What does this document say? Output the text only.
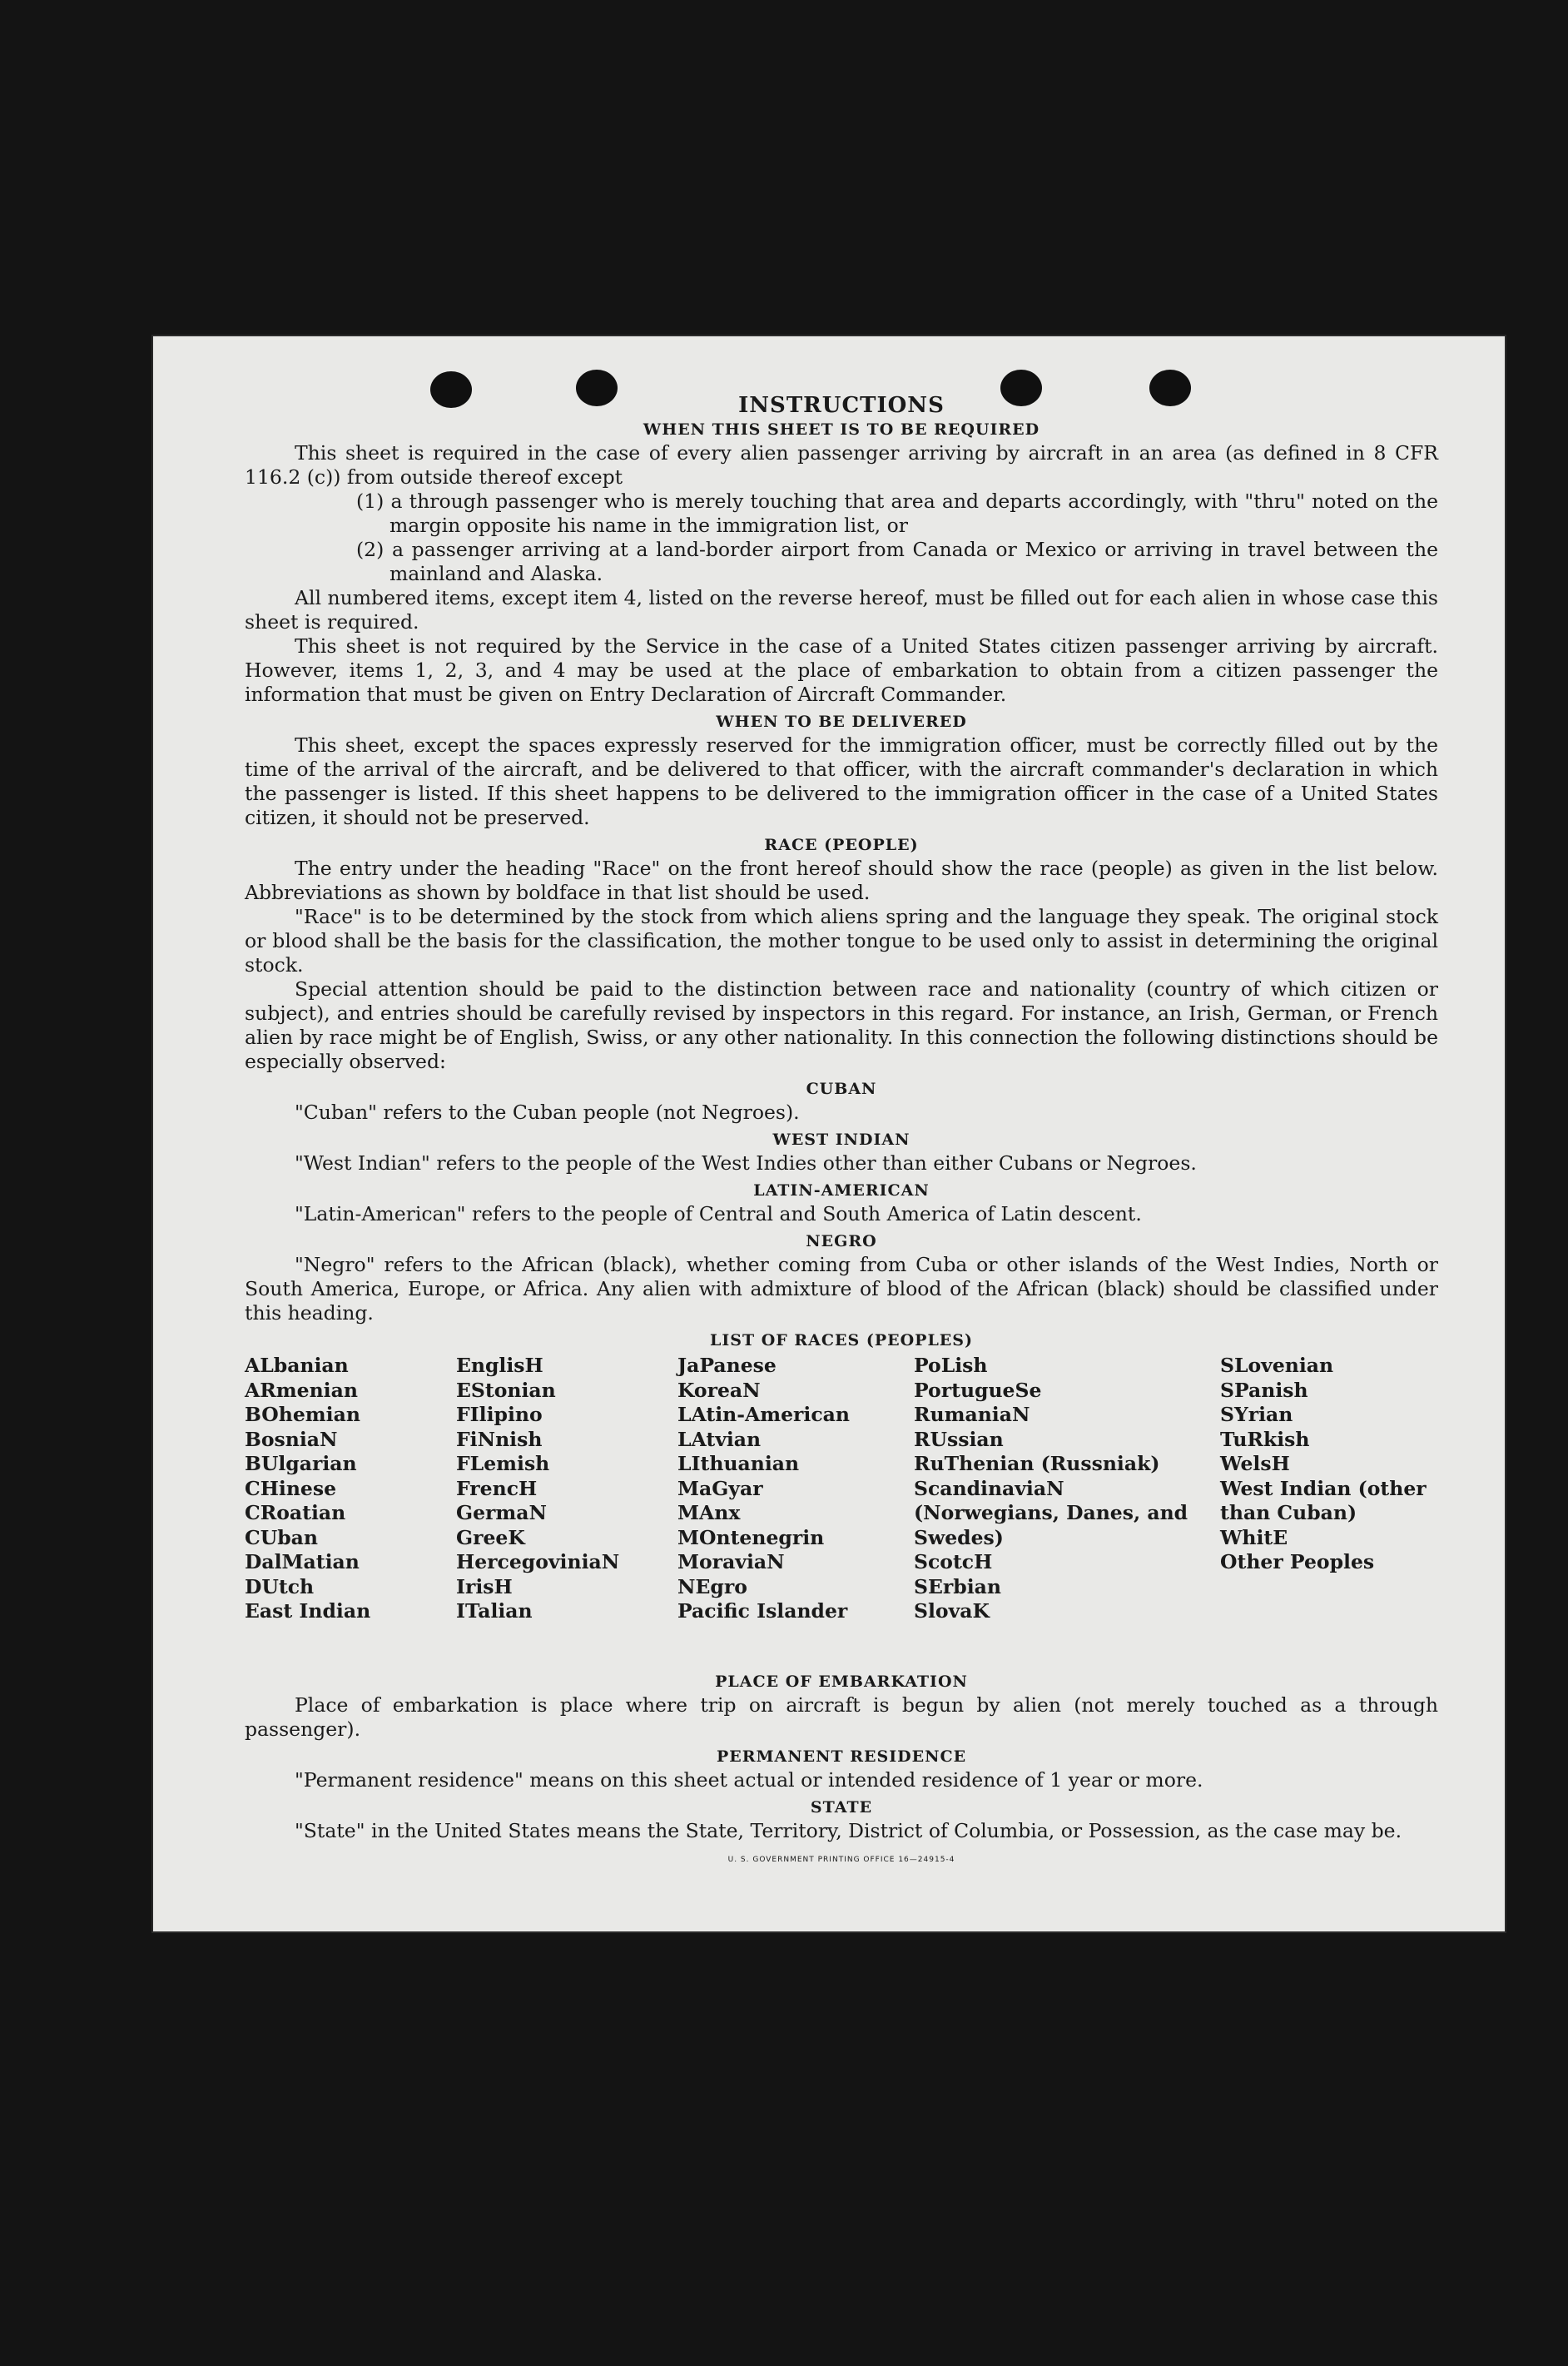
INSTRUCTIONS
WHEN THIS SHEET IS TO BE REQUIRED

This sheet is required in the case of every alien passenger arriving by aircraft in an area (as defined in 8 CFR 116.2 (c)) from outside thereof except

(1) a through passenger who is merely touching that area and departs accordingly, with "thru" noted on the margin opposite his name in the immigration list, or

(2) a passenger arriving at a land-border airport from Canada or Mexico or arriving in travel between the mainland and Alaska.

All numbered items, except item 4, listed on the reverse hereof, must be filled out for each alien in whose case this sheet is required.

This sheet is not required by the Service in the case of a United States citizen passenger arriving by aircraft. However, items 1, 2, 3, and 4 may be used at the place of embarkation to obtain from a citizen passenger the information that must be given on Entry Declaration of Aircraft Commander.

WHEN TO BE DELIVERED

This sheet, except the spaces expressly reserved for the immigration officer, must be correctly filled out by the time of the arrival of the aircraft, and be delivered to that officer, with the aircraft commander's declaration in which the passenger is listed. If this sheet happens to be delivered to the immigration officer in the case of a United States citizen, it should not be preserved.

RACE (PEOPLE)

The entry under the heading "Race" on the front hereof should show the race (people) as given in the list below. Abbreviations as shown by boldface in that list should be used.

"Race" is to be determined by the stock from which aliens spring and the language they speak. The original stock or blood shall be the basis for the classification, the mother tongue to be used only to assist in determining the original stock.

Special attention should be paid to the distinction between race and nationality (country of which citizen or subject), and entries should be carefully revised by inspectors in this regard. For instance, an Irish, German, or French alien by race might be of English, Swiss, or any other nationality. In this connection the following distinctions should be especially observed:

CUBAN

"Cuban" refers to the Cuban people (not Negroes).

WEST INDIAN

"West Indian" refers to the people of the West Indies other than either Cubans or Negroes.

LATIN-AMERICAN

"Latin-American" refers to the people of Central and South America of Latin descent.

NEGRO

"Negro" refers to the African (black), whether coming from Cuba or other islands of the West Indies, North or South America, Europe, or Africa. Any alien with admixture of blood of the African (black) should be classified under this heading.

LIST OF RACES (PEOPLES)
ALbanian
ARmenian
BOhemian
BosniaN
BUlgarian
CHinese
CRoatian
CUban
DalMatian
DUtch
East Indian
EnglisH
EStonian
FIlipino
FiNnish
FLemish
FrencH
GermaN
GreeK
HercegoviniaN
IrisH
ITalian
JaPanese
KoreaN
LAtin-American
LAtvian
LIthuanian
MaGyar
MAnx
MOntenegrin
MoraviaN
NEgro
Pacific Islander
PoLish
PortugueSe
RumaniaN
RUssian
RuThenian (Russniak)
ScandinaviaN (Norwegians, Danes, and Swedes)
ScotcH
SErbian
SlovaK
SLovenian
SPanish
SYrian
TuRkish
WelsH
West Indian (other than Cuban)
WhitE
Other Peoples
PLACE OF EMBARKATION

Place of embarkation is place where trip on aircraft is begun by alien (not merely touched as a through passenger).

PERMANENT RESIDENCE

"Permanent residence" means on this sheet actual or intended residence of 1 year or more.

STATE

"State" in the United States means the State, Territory, District of Columbia, or Possession, as the case may be.

U. S. GOVERNMENT PRINTING OFFICE 16—24915-4
